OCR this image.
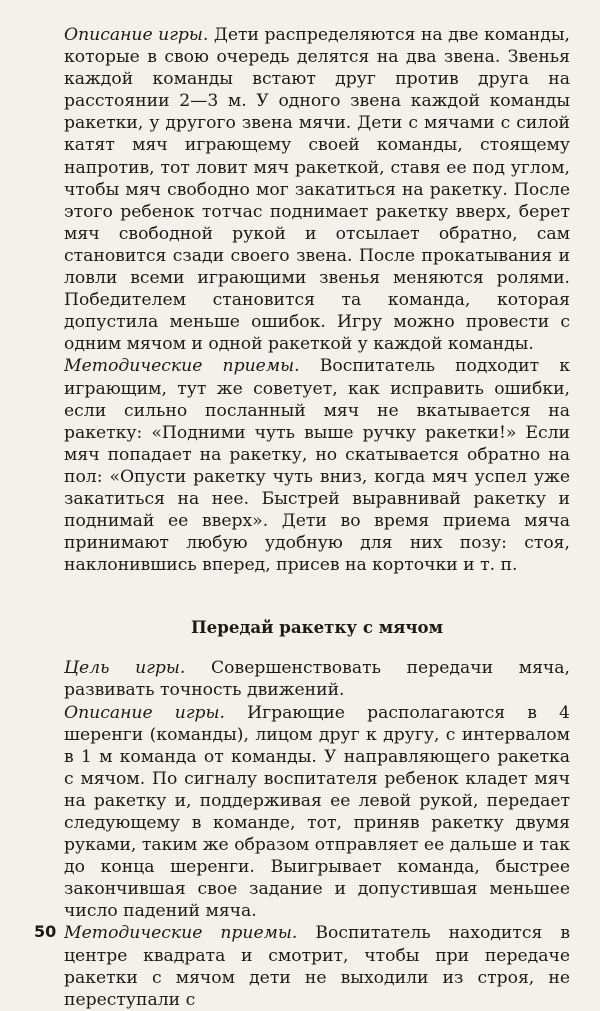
Описание игры. Дети распределяются на две команды, которые в свою очередь делятся на два звена. Звенья каждой команды встают друг против друга на расстоянии 2—3 м. У одного звена каждой команды ракетки, у другого звена мячи. Дети с мячами с силой катят мяч играющему своей команды, стоящему напротив, тот ловит мяч ракеткой, ставя ее под углом, чтобы мяч свободно мог закатиться на ракетку. После этого ребенок тотчас поднимает ракетку вверх, берет мяч свободной рукой и отсылает обратно, сам становится сзади своего звена. После прокатывания и ловли всеми играющими звенья меняются ролями. Победителем становится та команда, которая допустила меньше ошибок. Игру можно провести с одним мячом и одной ракеткой у каждой команды.

Методические приемы. Воспитатель подходит к играющим, тут же советует, как исправить ошибки, если сильно посланный мяч не вкатывается на ракетку: «Подними чуть выше ручку ракетки!» Если мяч попадает на ракетку, но скатывается обратно на пол: «Опусти ракетку чуть вниз, когда мяч успел уже закатиться на нее. Быстрей выравнивай ракетку и поднимай ее вверх». Дети во время приема мяча принимают любую удобную для них позу: стоя, наклонившись вперед, присев на корточки и т. п.

Передай ракетку с мячом

Цель игры. Совершенствовать передачи мяча, развивать точность движений.

Описание игры. Играющие располагаются в 4 шеренги (команды), лицом друг к другу, с интервалом в 1 м команда от команды. У направляющего ракетка с мячом. По сигналу воспитателя ребенок кладет мяч на ракетку и, поддерживая ее левой рукой, передает следующему в команде, тот, приняв ракетку двумя руками, таким же образом отправляет ее дальше и так до конца шеренги. Выигрывает команда, быстрее закончившая свое задание и допустившая меньшее число падений мяча.

Методические приемы. Воспитатель находится в центре квадрата и смотрит, чтобы при передаче ракетки с мячом дети не выходили из строя, не переступали с

50
